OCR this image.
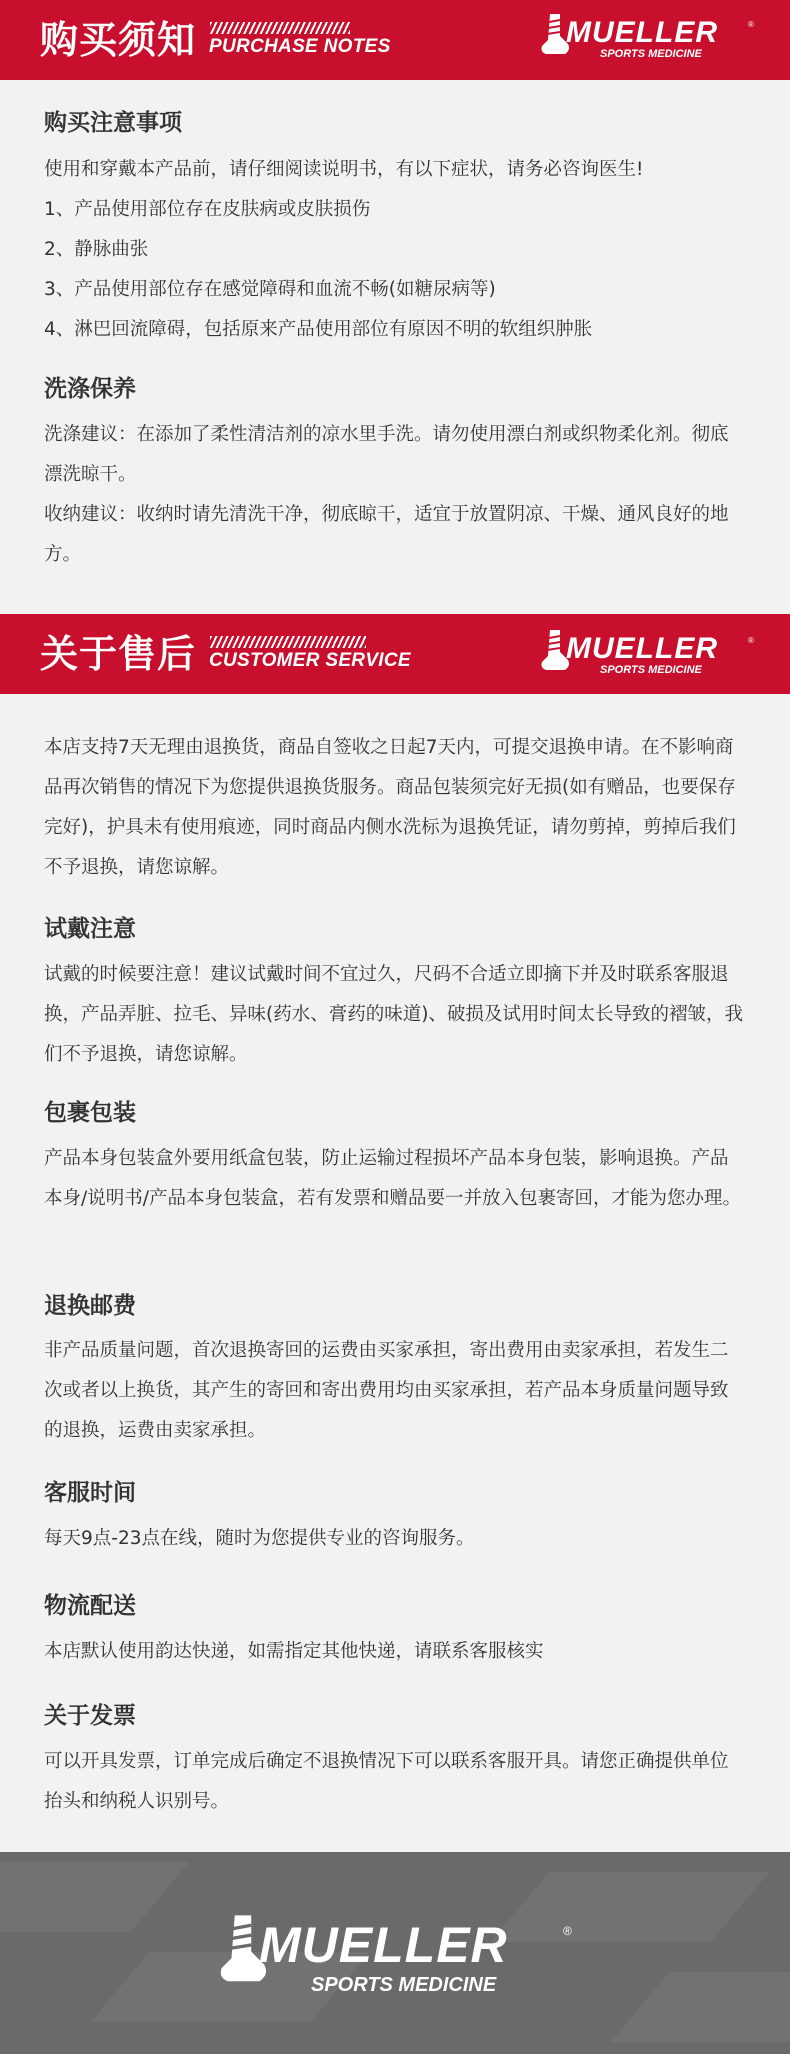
购买须知 PURCHASE NOTES	MUELLER	®
SPORTS MEDICINE
购买注意事项
使用和穿戴本产品前，请仔细阅读说明书，有以下症状，请务必咨询医生!
1、产品使用部位存在皮肤病或皮肤损伤
2、静脉曲张
3、产品使用部位存在感觉障碍和血流不畅(如糖尿病等)
4、淋巴回流障碍，包括原来产品使用部位有原因不明的软组织肿胀
洗涤保养
洗涤建议：在添加了柔性清洁剂的凉水里手洗。请勿使用漂白剂或织物柔化剂。彻底漂洗晾干。
收纳建议：收纳时请先清洗干净，彻底晾干，适宜于放置阴凉、干燥、通风良好的地方。
关于售后 CUSTOMER SERVICE	MUELLER	®
SPORTS MEDICINE
本店支持7天无理由退换货，商品自签收之日起7天内，可提交退换申请。在不影响商品再次销售的情况下为您提供退换货服务。商品包装须完好无损(如有赠品，也要保存完好)，护具未有使用痕迹，同时商品内侧水洗标为退换凭证，请勿剪掉，剪掉后我们不予退换，请您谅解。
试戴注意
试戴的时候要注意！建议试戴时间不宜过久，尺码不合适立即摘下并及时联系客服退换，产品弄脏、拉毛、异味(药水、膏药的味道)、破损及试用时间太长导致的褶皱，我们不予退换，请您谅解。
包裹包装
产品本身包装盒外要用纸盒包装，防止运输过程损坏产品本身包装，影响退换。产品本身/说明书/产品本身包装盒，若有发票和赠品要一并放入包裹寄回，才能为您办理。
退换邮费
非产品质量问题，首次退换寄回的运费由买家承担，寄出费用由卖家承担，若发生二次或者以上换货，其产生的寄回和寄出费用均由买家承担，若产品本身质量问题导致的退换，运费由卖家承担。
客服时间
每天9点-23点在线，随时为您提供专业的咨询服务。
物流配送
本店默认使用韵达快递，如需指定其他快递，请联系客服核实
关于发票
可以开具发票，订单完成后确定不退换情况下可以联系客服开具。请您正确提供单位抬头和纳税人识别号。
MUELLER	®
SPORTS MEDICINE
